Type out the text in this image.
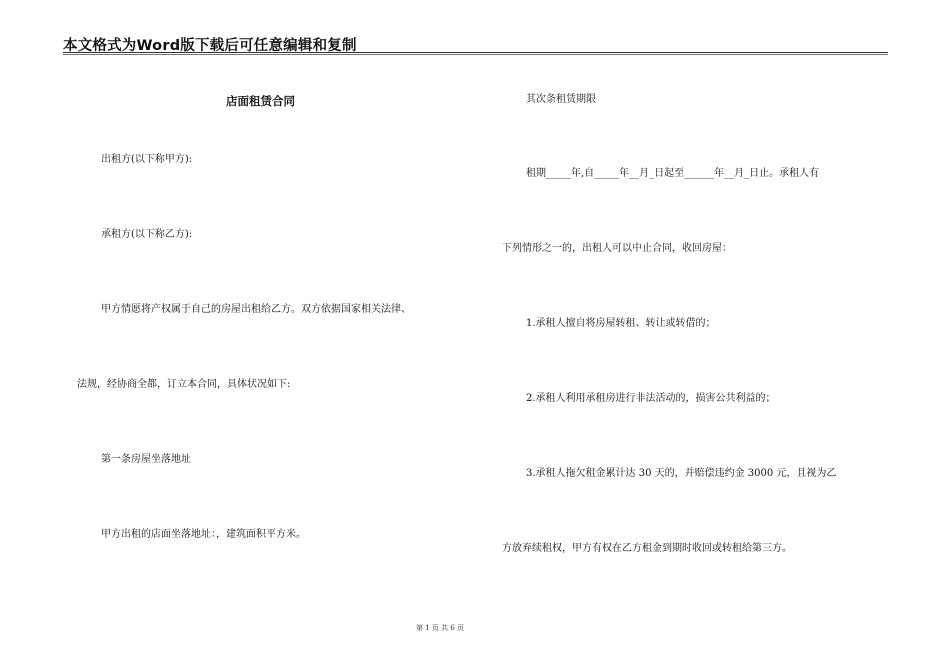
本文格式为Word版下载后可任意编辑和复制
店面租赁合同
出租方(以下称甲方):
承租方(以下称乙方):
甲方情愿将产权属于自己的房屋出租给乙方。双方依据国家相关法律、
法规，经协商全都，订立本合同，具体状况如下:
第一条房屋坐落地址
甲方出租的店面坐落地址：，建筑面积平方米。
其次条租赁期限
租期_____年,自_____年__月_日起至______年__月_日止。承租人有
下列情形之一的，出租人可以中止合同，收回房屋：
1.承租人擅自将房屋转租、转让或转借的；
2.承租人利用承租房进行非法活动的，损害公共利益的；
3.承租人拖欠租金累计达 30 天的，并赔偿违约金 3000 元，且视为乙
方放弃续租权，甲方有权在乙方租金到期时收回或转租给第三方。
第 1 页 共 6 页
